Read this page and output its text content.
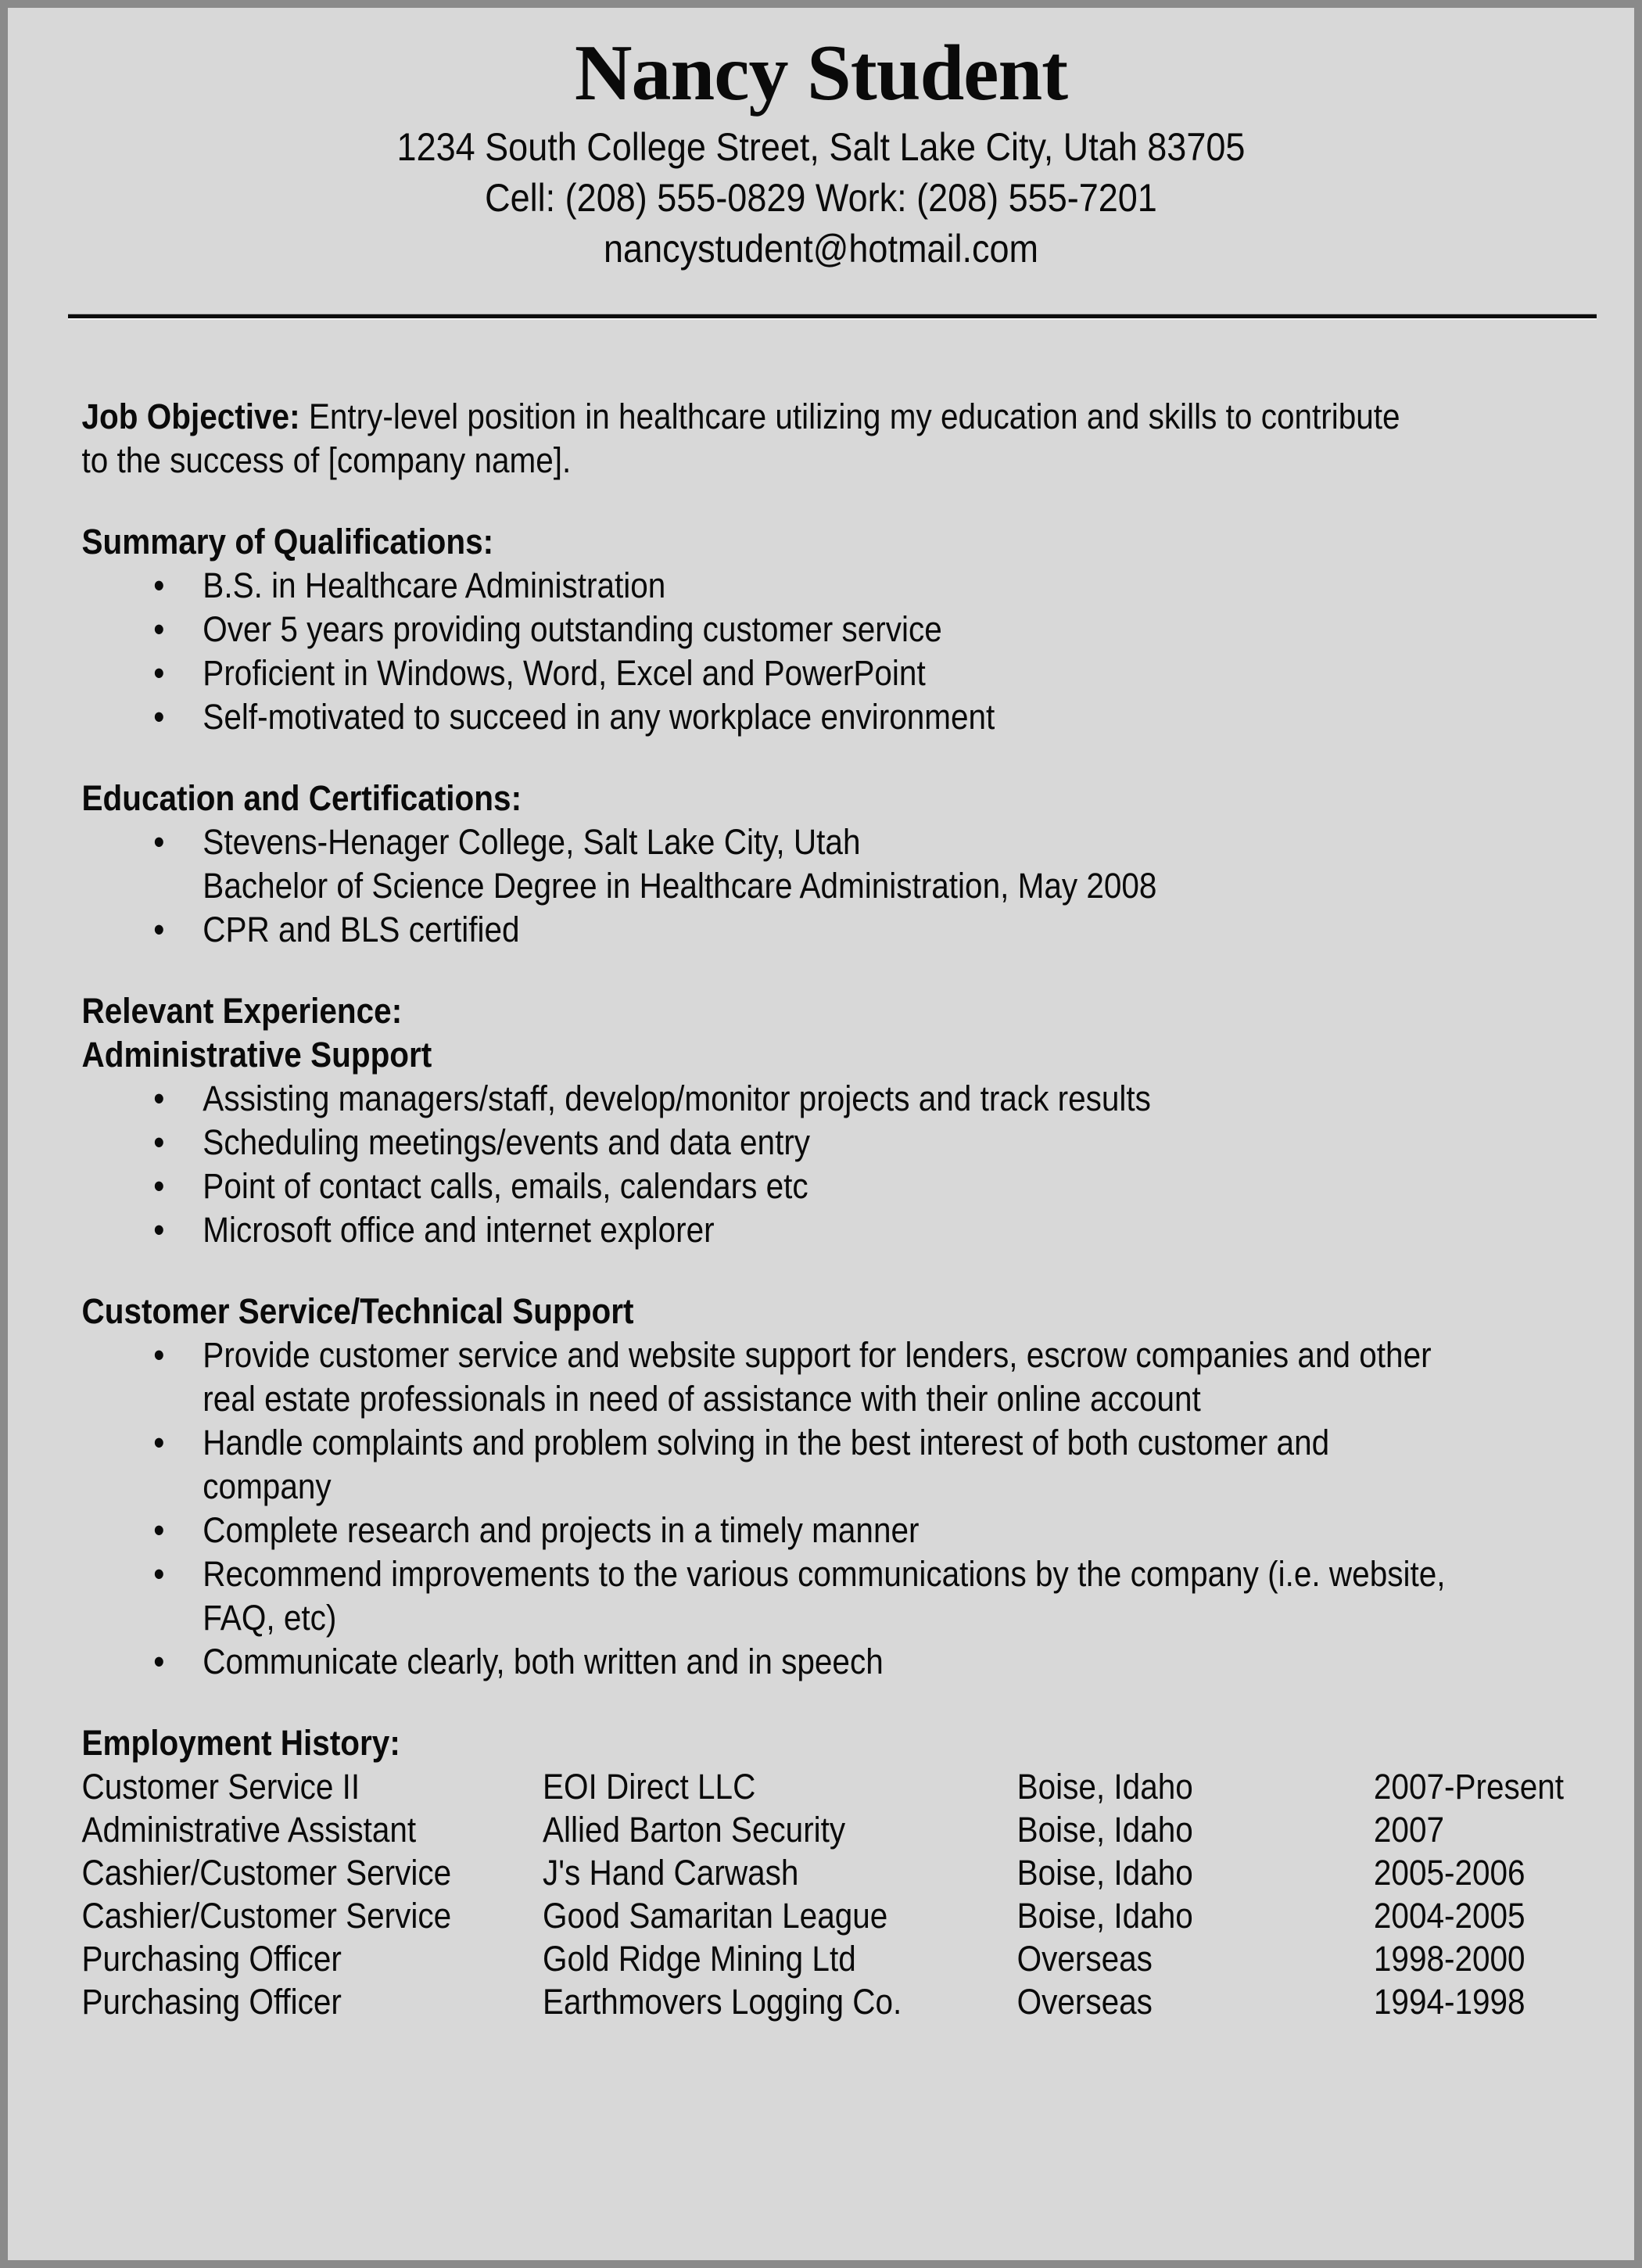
Nancy Student
1234 South College Street, Salt Lake City, Utah 83705
Cell: (208) 555-0829 Work: (208) 555-7201
nancystudent@hotmail.com

Job Objective: Entry-level position in healthcare utilizing my education and skills to contribute
to the success of [company name].

Summary of Qualifications:
• B.S. in Healthcare Administration
• Over 5 years providing outstanding customer service
• Proficient in Windows, Word, Excel and PowerPoint
• Self-motivated to succeed in any workplace environment
Education and Certifications:
• Stevens-Henager College, Salt Lake City, Utah
Bachelor of Science Degree in Healthcare Administration, May 2008
• CPR and BLS certified
Relevant Experience:
Administrative Support
• Assisting managers/staff, develop/monitor projects and track results
• Scheduling meetings/events and data entry
• Point of contact calls, emails, calendars etc
• Microsoft office and internet explorer
Customer Service/Technical Support
• Provide customer service and website support for lenders, escrow companies and other
real estate professionals in need of assistance with their online account
• Handle complaints and problem solving in the best interest of both customer and
company
• Complete research and projects in a timely manner
• Recommend improvements to the various communications by the company (i.e. website,
FAQ, etc)
• Communicate clearly, both written and in speech
Employment History:
Customer Service II	EOI Direct LLC	Boise, Idaho	2007-Present
Administrative Assistant	Allied Barton Security	Boise, Idaho	2007
Cashier/Customer Service	J's Hand Carwash	Boise, Idaho	2005-2006
Cashier/Customer Service	Good Samaritan League	Boise, Idaho	2004-2005
Purchasing Officer	Gold Ridge Mining Ltd	Overseas	1998-2000
Purchasing Officer	Earthmovers Logging Co.	Overseas	1994-1998
